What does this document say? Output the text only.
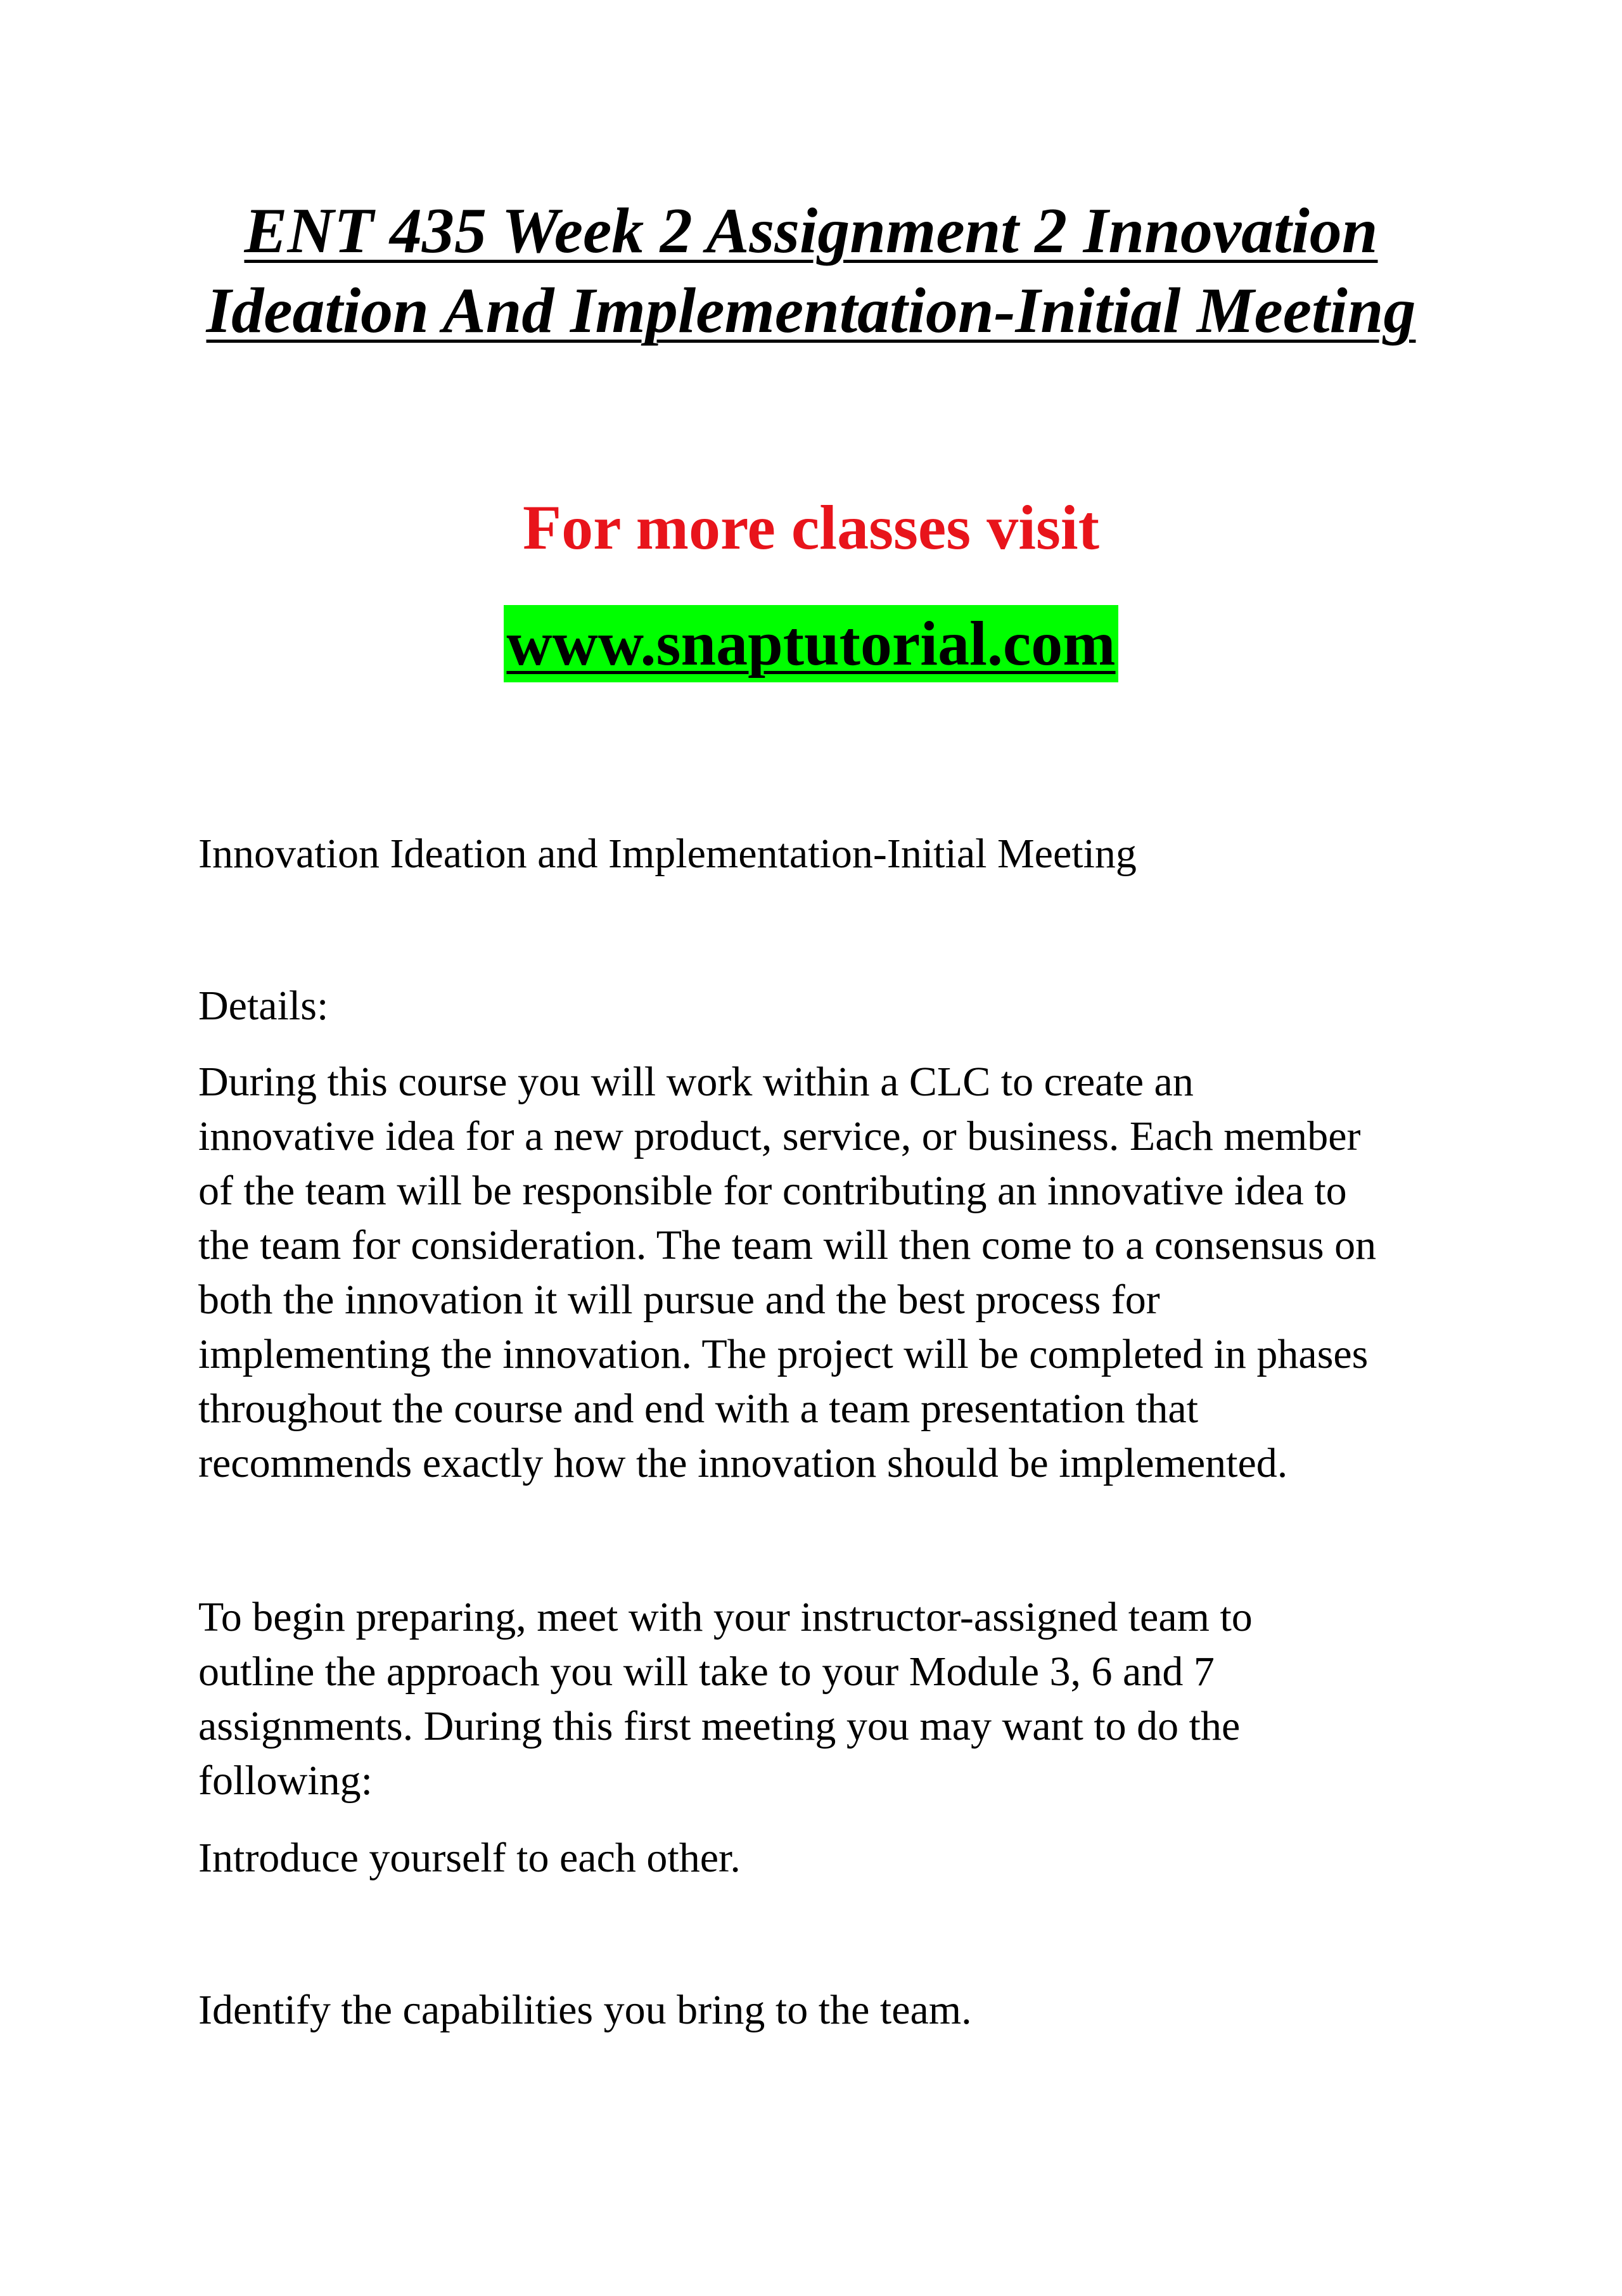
ENT 435 Week 2 Assignment 2 Innovation
Ideation And Implementation-Initial Meeting
For more classes visit
www.snaptutorial.com
Innovation Ideation and Implementation-Initial Meeting
Details:
During this course you will work within a CLC to create an
innovative idea for a new product, service, or business. Each member
of the team will be responsible for contributing an innovative idea to
the team for consideration. The team will then come to a consensus on
both the innovation it will pursue and the best process for
implementing the innovation. The project will be completed in phases
throughout the course and end with a team presentation that
recommends exactly how the innovation should be implemented.
To begin preparing, meet with your instructor-assigned team to
outline the approach you will take to your Module 3, 6 and 7
assignments. During this first meeting you may want to do the
following:
Introduce yourself to each other.
Identify the capabilities you bring to the team.
